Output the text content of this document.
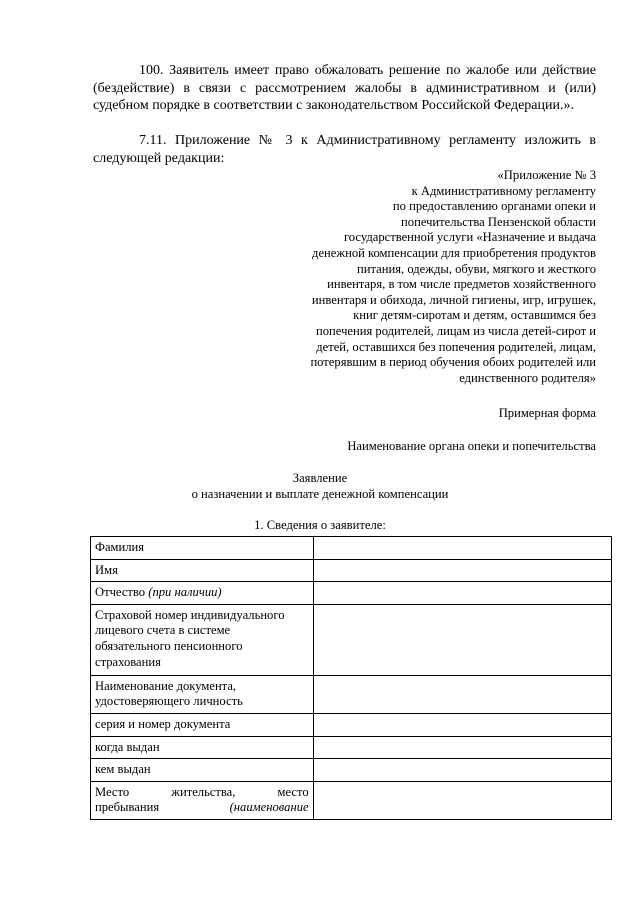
100. Заявитель имеет право обжаловать решение по жалобе или действие (бездействие) в связи с рассмотрением жалобы в административном и (или) судебном порядке в соответствии с законодательством Российской Федерации.».

7.11. Приложение № 3 к Административному регламенту изложить в следующей редакции:

«Приложение № 3
к Административному регламенту
по предоставлению органами опеки и
попечительства Пензенской области
государственной услуги «Назначение и выдача
денежной компенсации для приобретения продуктов
питания, одежды, обуви, мягкого и жесткого
инвентаря, в том числе предметов хозяйственного
инвентаря и обихода, личной гигиены, игр, игрушек,
книг детям-сиротам и детям, оставшимся без
попечения родителей, лицам из числа детей-сирот и
детей, оставшихся без попечения родителей, лицам,
потерявшим в период обучения обоих родителей или
единственного родителя»

Примерная форма

Наименование органа опеки и попечительства

Заявление

о назначении и выплате денежной компенсации

1. Сведения о заявителе:

Фамилия	
Имя	
Отчество (при наличии)	
Страховой номер индивидуального лицевого счета в системе обязательного пенсионного страхования	
Наименование документа, удостоверяющего личность	
серия и номер документа	
когда выдан	
кем выдан	

Место жительства, место
пребывания (наименование	
